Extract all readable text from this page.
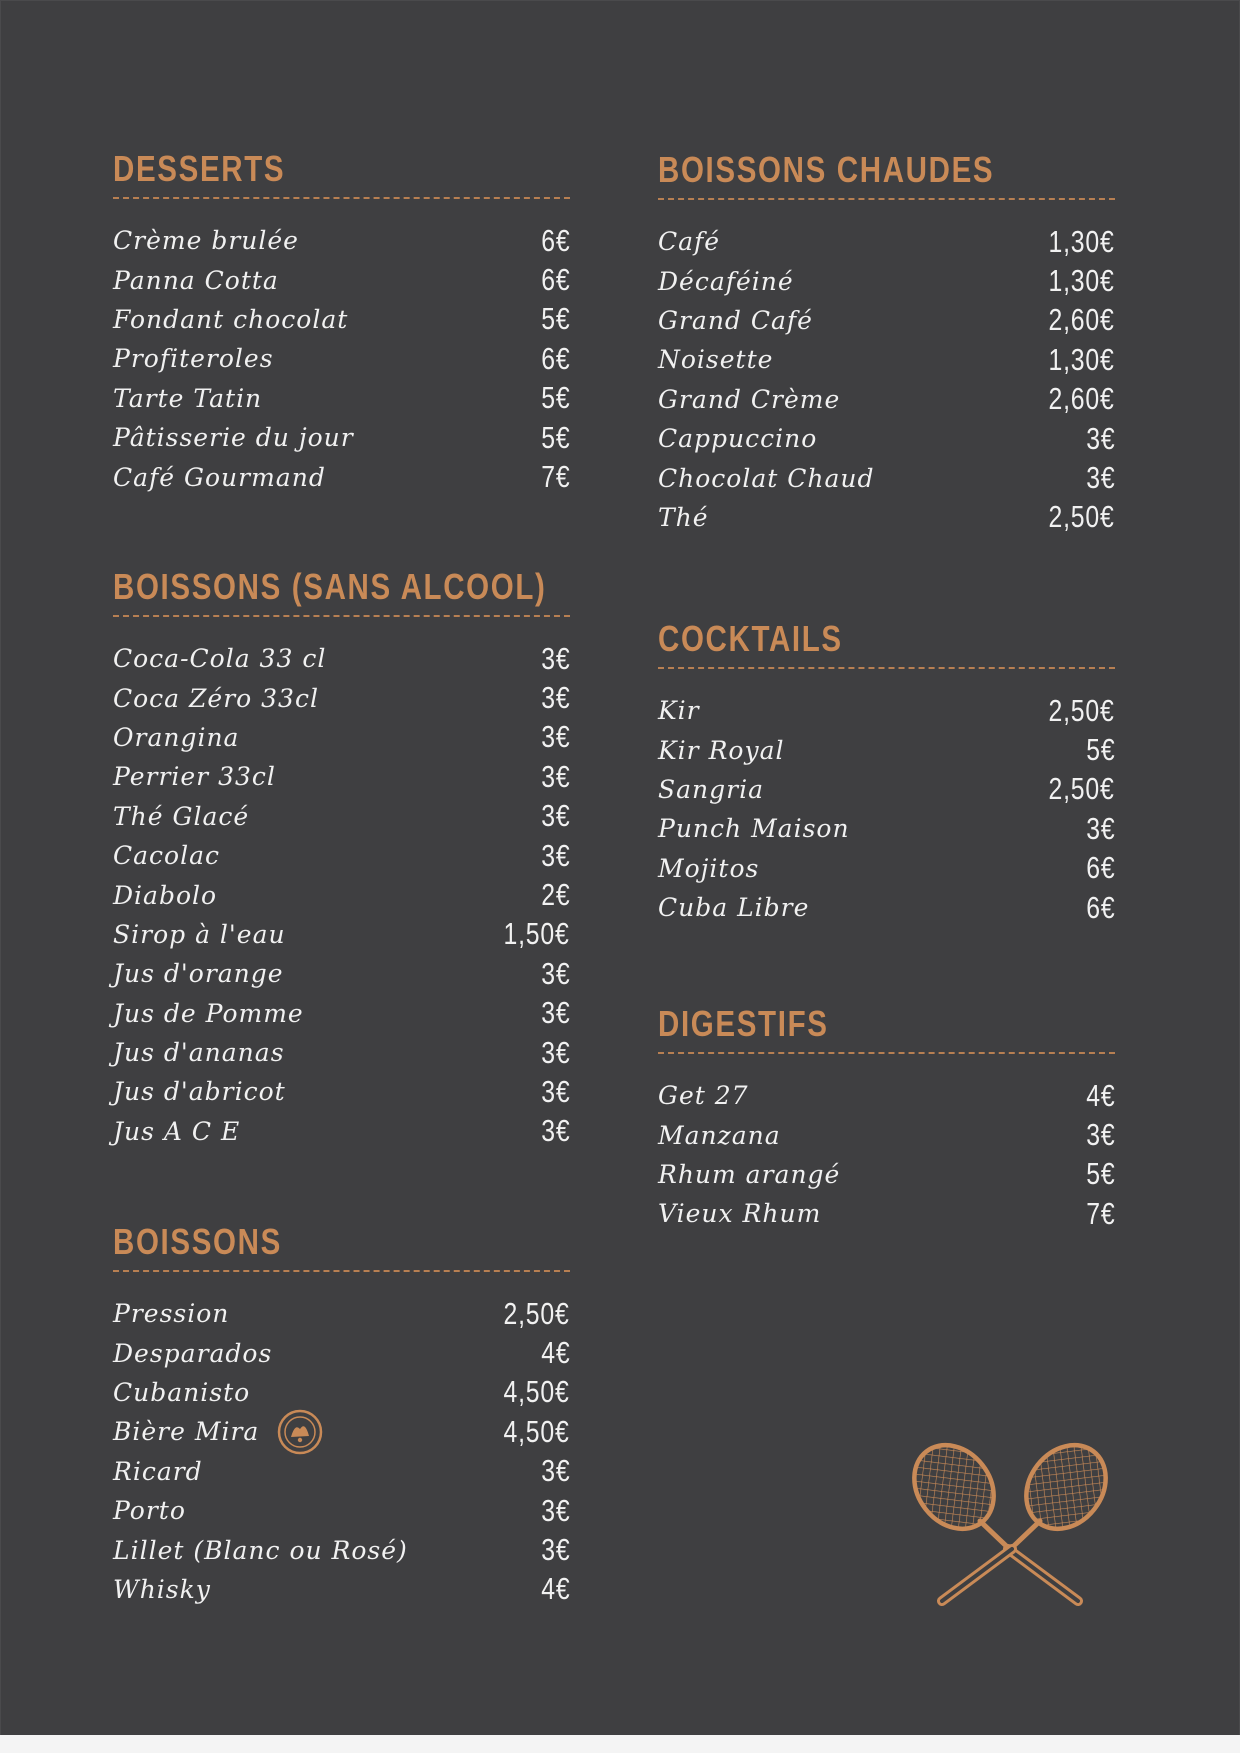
DESSERTS
Crème brulée	6€
Panna Cotta	6€
Fondant chocolat	5€
Profiteroles	6€
Tarte Tatin	5€
Pâtisserie du jour	5€
Café Gourmand	7€
BOISSONS (SANS ALCOOL)
Coca-Cola 33 cl	3€
Coca Zéro 33cl	3€
Orangina	3€
Perrier 33cl	3€
Thé Glacé	3€
Cacolac	3€
Diabolo	2€
Sirop à l'eau	1,50€
Jus d'orange	3€
Jus de Pomme	3€
Jus d'ananas	3€
Jus d'abricot	3€
Jus A C E	3€
BOISSONS
Pression	2,50€
Desparados	4€
Cubanisto	4,50€
Bière Mira	4,50€
Ricard	3€
Porto	3€
Lillet (Blanc ou Rosé)	3€
Whisky	4€
BOISSONS CHAUDES
Café	1,30€
Décaféiné	1,30€
Grand Café	2,60€
Noisette	1,30€
Grand Crème	2,60€
Cappuccino	3€
Chocolat Chaud	3€
Thé	2,50€
COCKTAILS
Kir	2,50€
Kir Royal	5€
Sangria	2,50€
Punch Maison	3€
Mojitos	6€
Cuba Libre	6€
DIGESTIFS
Get 27	4€
Manzana	3€
Rhum arangé	5€
Vieux Rhum	7€
